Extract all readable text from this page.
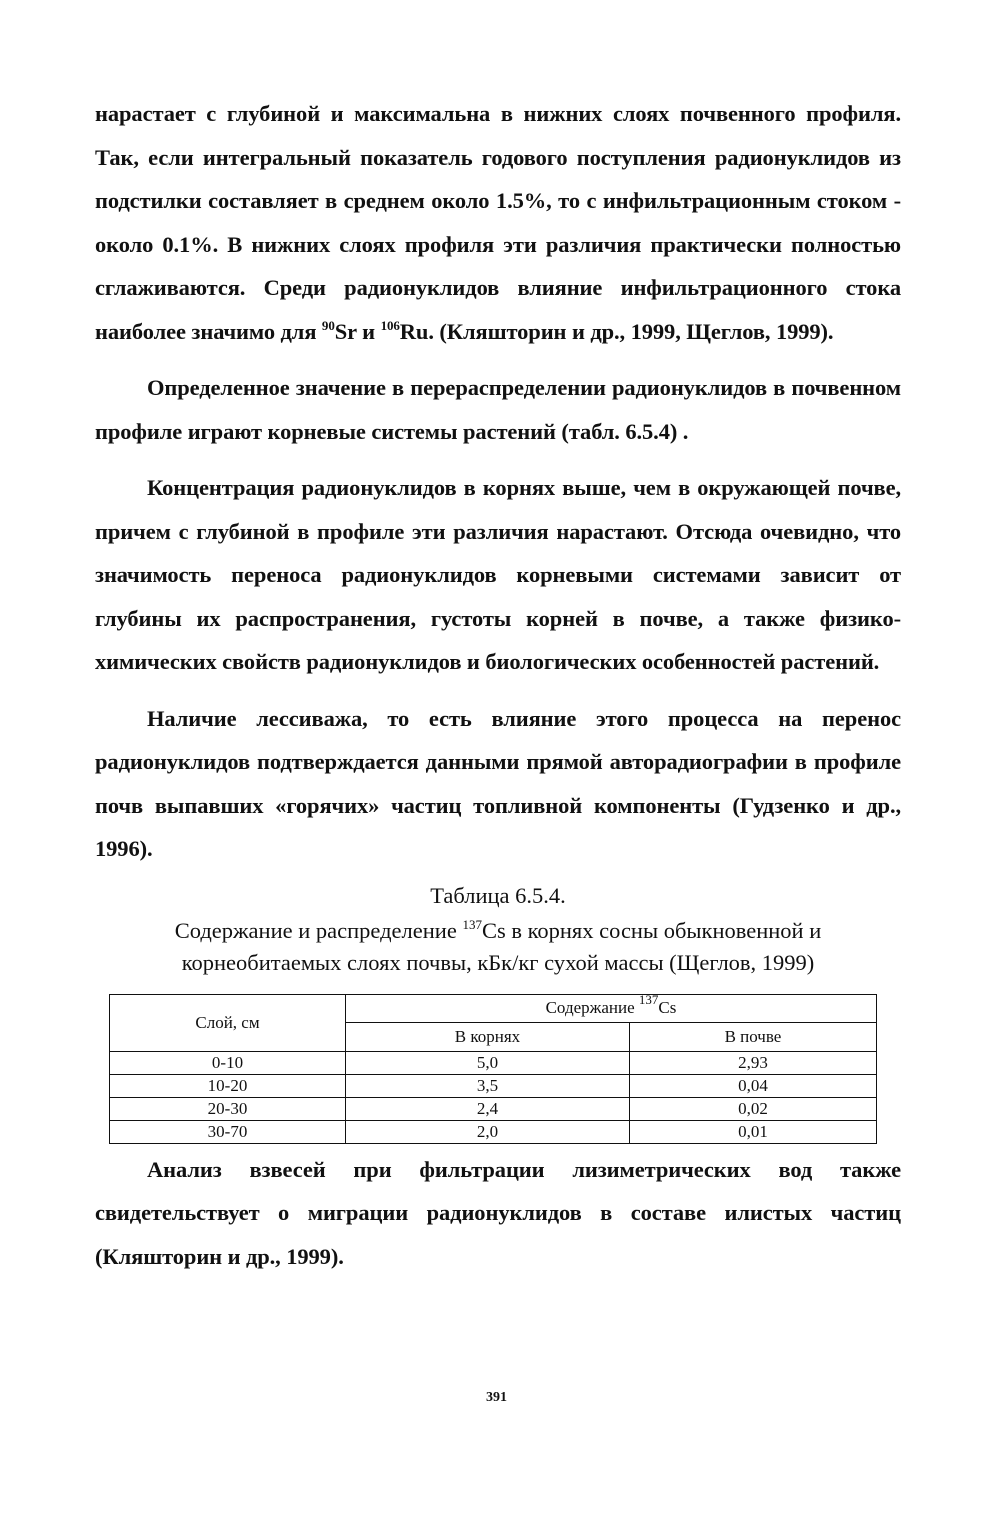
нарастает с глубиной и максимальна в нижних слоях почвенного профиля. Так, если интегральный показатель годового поступления радионуклидов из подстилки составляет в среднем около 1.5%, то с инфильтрационным стоком - около 0.1%. В нижних слоях профиля эти различия практически полностью сглаживаются. Среди радионуклидов влияние инфильтрационного стока наиболее значимо для $^{90}$Sr и $^{106}$Ru. (Кляшторин и др., 1999, Щеглов, 1999).

Определенное значение в перераспределении радионуклидов в почвенном профиле играют корневые системы растений (табл. 6.5.4) .

Концентрация радионуклидов в корнях выше, чем в окружающей почве, причем с глубиной в профиле эти различия нарастают. Отсюда очевидно, что значимость переноса радионуклидов корневыми системами зависит от глубины их распространения, густоты корней в почве, а также физико-химических свойств радионуклидов и биологических особенностей растений.

Наличие лессиважа, то есть влияние этого процесса на перенос радионуклидов подтверждается данными прямой авторадиографии в профиле почв выпавших «горячих» частиц топливной компоненты (Гудзенко и др., 1996).

Таблица 6.5.4.

Содержание и распределение $^{137}$Cs в корнях сосны обыкновенной и корнеобитаемых слоях почвы, кБк/кг сухой массы (Щеглов, 1999)

Слой, см	Содержание $^{137}$Cs	
	В корнях	В почве
0-10	5,0	2,93
10-20	3,5	0,04
20-30	2,4	0,02
30-70	2,0	0,01

Анализ взвесей при фильтрации лизиметрических вод также свидетельствует о миграции радионуклидов в составе илистых частиц (Кляшторин и др., 1999).

391
